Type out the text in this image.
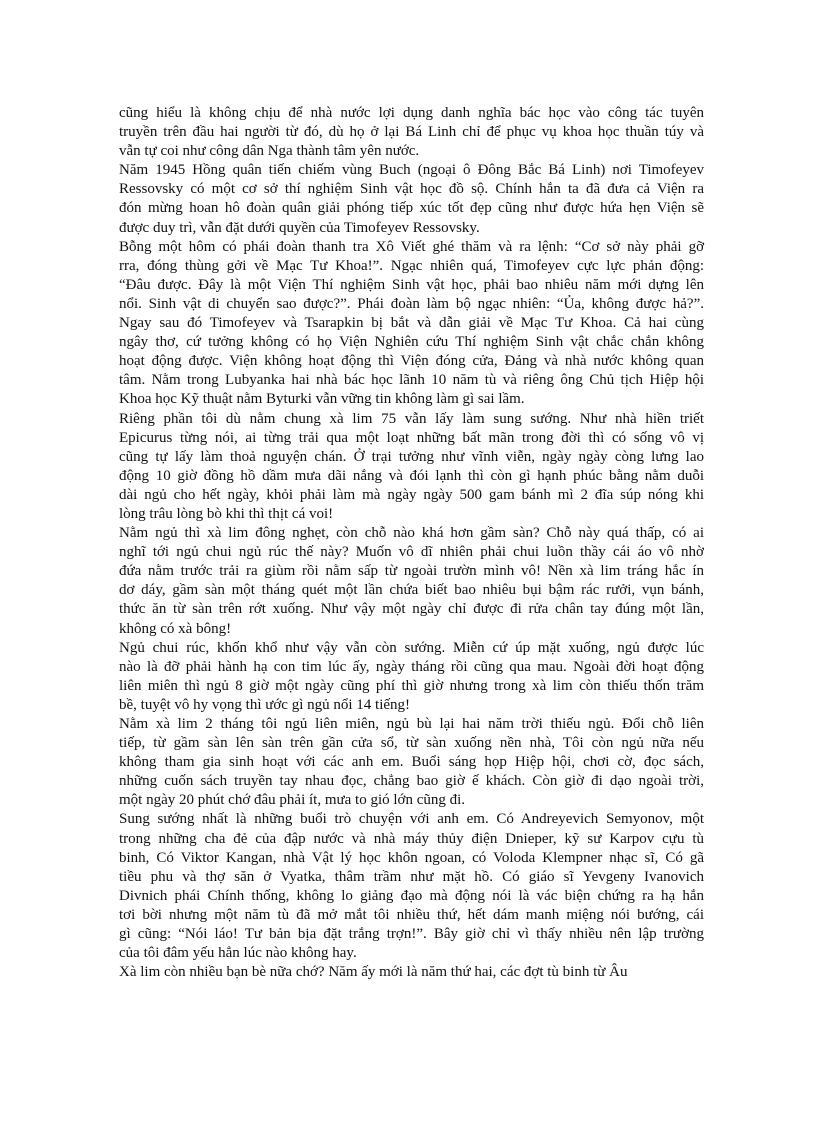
cũng hiểu là không chịu để nhà nước lợi dụng danh nghĩa bác học vào công tác tuyên
truyền trên đầu hai người từ đó, dù họ ở lại Bá Linh chỉ để phục vụ khoa học thuần túy và
vẫn tự coi như công dân Nga thành tâm yên nước.
Năm 1945 Hồng quân tiến chiếm vùng Buch (ngoại ô Đông Bắc Bá Linh) nơi Timofeyev
Ressovsky có một cơ sở thí nghiệm Sinh vật học đồ sộ. Chính hắn ta đã đưa cả Viện ra
đón mừng hoan hô đoàn quân giải phóng tiếp xúc tốt đẹp cũng như được hứa hẹn Viện sẽ
được duy trì, vẫn đặt dưới quyền của Timofeyev Ressovsky.
Bỗng một hôm có phái đoàn thanh tra Xô Viết ghé thăm và ra lệnh: “Cơ sở này phải gỡ
rra, đóng thùng gởi về Mạc Tư Khoa!”. Ngạc nhiên quá, Timofeyev cực lực phản động:
“Đâu được. Đây là một Viện Thí nghiệm Sinh vật học, phải bao nhiêu năm mới dựng lên
nổi. Sinh vật di chuyển sao được?”. Phái đoàn làm bộ ngạc nhiên: “Ủa, không được hả?”.
Ngay sau đó Timofeyev và Tsarapkin bị bắt và dẫn giải về Mạc Tư Khoa. Cả hai cùng
ngây thơ, cứ tưởng không có họ Viện Nghiên cứu Thí nghiệm Sinh vật chắc chắn không
hoạt động được. Viện không hoạt động thì Viện đóng cửa, Đảng và nhà nước không quan
tâm. Nằm trong Lubyanka hai nhà bác học lãnh 10 năm tù và riêng ông Chủ tịch Hiệp hội
Khoa học Kỹ thuật nằm Byturki vẫn vững tin không làm gì sai lầm.
Riêng phần tôi dù nằm chung xà lim 75 vẫn lấy làm sung sướng. Như nhà hiền triết
Epicurus từng nói, ai từng trải qua một loạt những bất mãn trong đời thì có sống vô vị
cũng tự lấy làm thoả nguyện chán. Ở trại tưởng như vĩnh viễn, ngày ngày còng lưng lao
động 10 giờ đồng hồ dầm mưa dãi nắng và đói lạnh thì còn gì hạnh phúc bằng nằm duỗi
dài ngủ cho hết ngày, khỏi phải làm mà ngày ngày 500 gam bánh mì 2 đĩa súp nóng khi
lòng trâu lòng bò khi thì thịt cá voi!
Nằm ngủ thì xà lim đông nghẹt, còn chỗ nào khá hơn gầm sàn? Chỗ này quá thấp, có ai
nghĩ tới ngủ chui ngủ rúc thế này? Muốn vô dĩ nhiên phải chui luồn thầy cái áo vô nhờ
đứa nằm trước trải ra giùm rồi nằm sấp từ ngoài trườn mình vô! Nền xà lim tráng hắc ín
dơ dáy, gầm sàn một tháng quét một lần chứa biết bao nhiêu bụi bậm rác rưởi, vụn bánh,
thức ăn từ sàn trên rớt xuống. Như vậy một ngày chỉ được đi rửa chân tay đúng một lần,
không có xà bông!
Ngủ chui rúc, khốn khổ như vậy vẫn còn sướng. Miễn cứ úp mặt xuống, ngủ được lúc
nào là đỡ phải hành hạ con tim lúc ấy, ngày tháng rồi cũng qua mau. Ngoài đời hoạt động
liên miên thì ngủ 8 giờ một ngày cũng phí thì giờ nhưng trong xà lim còn thiếu thốn trăm
bề, tuyệt vô hy vọng thì ước gì ngủ nổi 14 tiếng!
Nằm xà lim 2 tháng tôi ngủ liên miên, ngủ bù lại hai năm trời thiếu ngủ. Đổi chỗ liên
tiếp, từ gầm sàn lên sàn trên gần cửa sổ, từ sàn xuống nền nhà, Tôi còn ngủ nữa nếu
không tham gia sinh hoạt với các anh em. Buổi sáng họp Hiệp hội, chơi cờ, đọc sách,
những cuốn sách truyền tay nhau đọc, chẳng bao giờ ế khách. Còn giờ đi dạo ngoài trời,
một ngày 20 phút chớ đâu phải ít, mưa to gió lớn cũng đi.
Sung sướng nhất là những buổi trò chuyện với anh em. Có Andreyevich Semyonov, một
trong những cha đẻ của đập nước và nhà máy thủy điện Dnieper, kỹ sư Karpov cựu tù
binh, Có Viktor Kangan, nhà Vật lý học khôn ngoan, có Voloda Klempner nhạc sĩ, Có gã
tiều phu và thợ săn ở Vyatka, thâm trầm như mặt hồ. Có giáo sĩ Yevgeny Ivanovich
Divnich phái Chính thống, không lo giảng đạo mà động nói là vác biện chứng ra hạ hắn
tơi bời nhưng một năm tù đã mở mắt tôi nhiều thứ, hết dám manh miệng nói bướng, cái
gì cũng: “Nói láo! Tư bản bịa đặt trắng trợn!”. Bây giờ chỉ vì thấy nhiều nên lập trường
của tôi đâm yếu hẳn lúc nào không hay.
Xà lim còn nhiều bạn bè nữa chớ? Năm ấy mới là năm thứ hai, các đợt tù binh từ Âu
